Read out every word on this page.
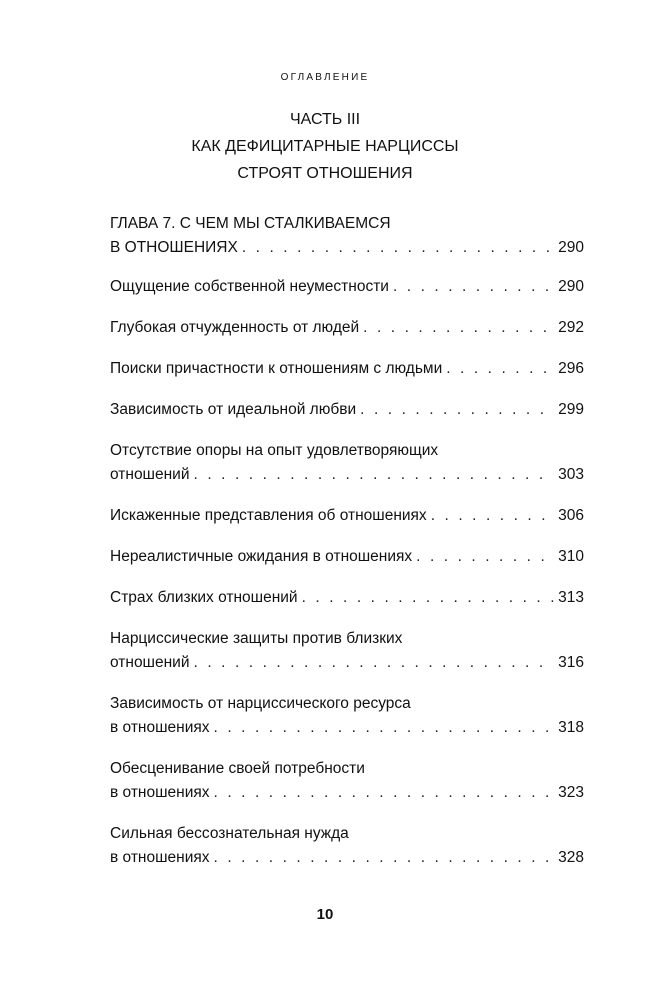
ОГЛАВЛЕНИЕ
ЧАСТЬ III
КАК ДЕФИЦИТАРНЫЕ НАРЦИССЫ
СТРОЯТ ОТНОШЕНИЯ
ГЛАВА 7. С ЧЕМ МЫ СТАЛКИВАЕМСЯ
В ОТНОШЕНИЯХ . . .	290
Ощущение собственной неуместности . . .	290
Глубокая отчужденность от людей . . .	292
Поиски причастности к отношениям с людьми . . .	296
Зависимость от идеальной любви . . .	299
Отсутствие опоры на опыт удовлетворяющих
отношений . . .	303
Искаженные представления об отношениях . . .	306
Нереалистичные ожидания в отношениях . . .	310
Страх близких отношений . . .	313
Нарциссические защиты против близких
отношений . . .	316
Зависимость от нарциссического ресурса
в отношениях . . .	318
Обесценивание своей потребности
в отношениях . . .	323
Сильная бессознательная нужда
в отношениях . . .	328
10
